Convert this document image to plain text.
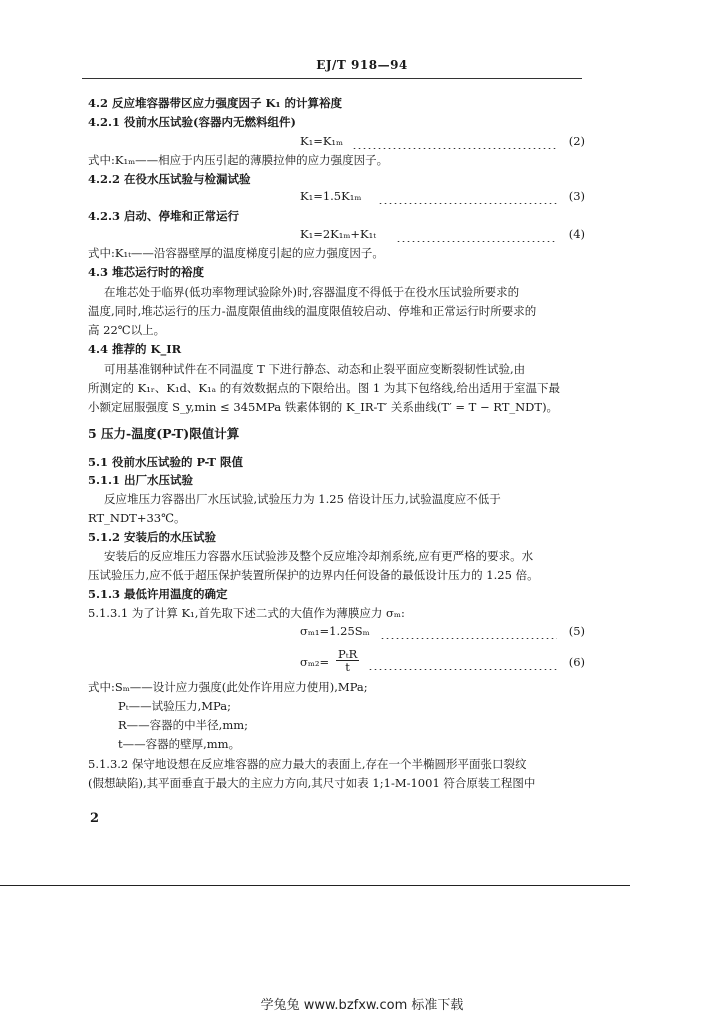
EJ/T 918—94
4.2 反应堆容器带区应力强度因子 K₁ 的计算裕度
4.2.1 役前水压试验(容器内无燃料组件)
K₁=K₁ₘ	(2)
式中:K₁ₘ——相应于内压引起的薄膜拉伸的应力强度因子。
4.2.2 在役水压试验与检漏试验
K₁=1.5K₁ₘ	(3)
4.2.3 启动、停堆和正常运行
K₁=2K₁ₘ+K₁ₜ	(4)
式中:K₁ₜ——沿容器壁厚的温度梯度引起的应力强度因子。
4.3 堆芯运行时的裕度
在堆芯处于临界(低功率物理试验除外)时,容器温度不得低于在役水压试验所要求的
温度,同时,堆芯运行的压力-温度限值曲线的温度限值较启动、停堆和正常运行时所要求的
高 22℃以上。
4.4 推荐的 K_IR
可用基准钢种试件在不同温度 T 下进行静态、动态和止裂平面应变断裂韧性试验,由
所测定的 K₁ᵣ、K₁d、K₁ₐ 的有效数据点的下限给出。图 1 为其下包络线,给出适用于室温下最
小额定屈服强度 S_y,min ≤ 345MPa 铁素体钢的 K_IR-T′ 关系曲线(T′ = T − RT_NDT)。
5 压力-温度(P-T)限值计算
5.1 役前水压试验的 P-T 限值
5.1.1 出厂水压试验
反应堆压力容器出厂水压试验,试验压力为 1.25 倍设计压力,试验温度应不低于
RT_NDT+33℃。
5.1.2 安装后的水压试验
安装后的反应堆压力容器水压试验涉及整个反应堆冷却剂系统,应有更严格的要求。水
压试验压力,应不低于超压保护装置所保护的边界内任何设备的最低设计压力的 1.25 倍。
5.1.3 最低许用温度的确定
5.1.3.1 为了计算 K₁,首先取下述二式的大值作为薄膜应力 σₘ:
σₘ₁=1.25Sₘ	(5)
σₘ₂=
PₜR
t	(6)
式中:Sₘ——设计应力强度(此处作许用应力使用),MPa;
Pₜ——试验压力,MPa;
R——容器的中半径,mm;
t——容器的壁厚,mm。
5.1.3.2 保守地设想在反应堆容器的应力最大的表面上,存在一个半椭圆形平面张口裂纹
(假想缺陷),其平面垂直于最大的主应力方向,其尺寸如表 1;1-M-1001 符合原装工程图中
2
学兔兔 www.bzfxw.com 标准下载
